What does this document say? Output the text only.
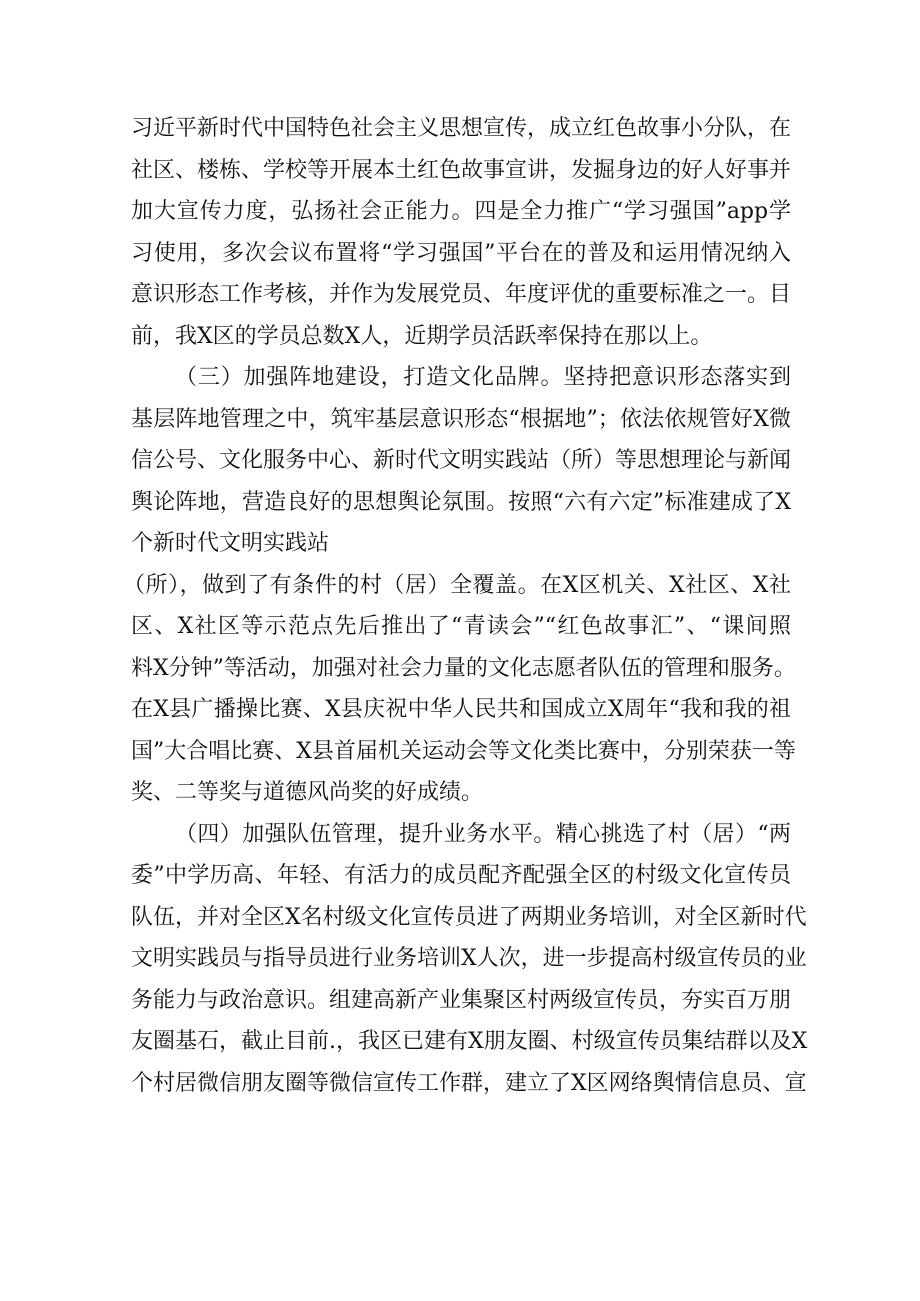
习近平新时代中国特色社会主义思想宣传，成立红色故事小分队，在
社区、楼栋、学校等开展本土红色故事宣讲，发掘身边的好人好事并
加大宣传力度，弘扬社会正能力。四是全力推广“学习强国”app学
习使用，多次会议布置将“学习强国”平台在的普及和运用情况纳入
意识形态工作考核，并作为发展党员、年度评优的重要标准之一。目
前，我X区的学员总数X人，近期学员活跃率保持在那以上。
（三）加强阵地建设，打造文化品牌。坚持把意识形态落实到
基层阵地管理之中，筑牢基层意识形态“根据地”；依法依规管好X微
信公号、文化服务中心、新时代文明实践站（所）等思想理论与新闻
舆论阵地，营造良好的思想舆论氛围。按照“六有六定”标准建成了X
个新时代文明实践站
（所），做到了有条件的村（居）全覆盖。在X区机关、X社区、X社
区、X社区等示范点先后推出了“青读会”“红色故事汇”、“课间照
料X分钟”等活动，加强对社会力量的文化志愿者队伍的管理和服务。
在X县广播操比赛、X县庆祝中华人民共和国成立X周年“我和我的祖
国”大合唱比赛、X县首届机关运动会等文化类比赛中，分别荣获一等
奖、二等奖与道德风尚奖的好成绩。
（四）加强队伍管理，提升业务水平。精心挑选了村（居）“两
委”中学历高、年轻、有活力的成员配齐配强全区的村级文化宣传员
队伍，并对全区X名村级文化宣传员进了两期业务培训，对全区新时代
文明实践员与指导员进行业务培训X人次，进一步提高村级宣传员的业
务能力与政治意识。组建高新产业集聚区村两级宣传员，夯实百万朋
友圈基石，截止目前.，我区已建有X朋友圈、村级宣传员集结群以及X
个村居微信朋友圈等微信宣传工作群，建立了X区网络舆情信息员、宣
